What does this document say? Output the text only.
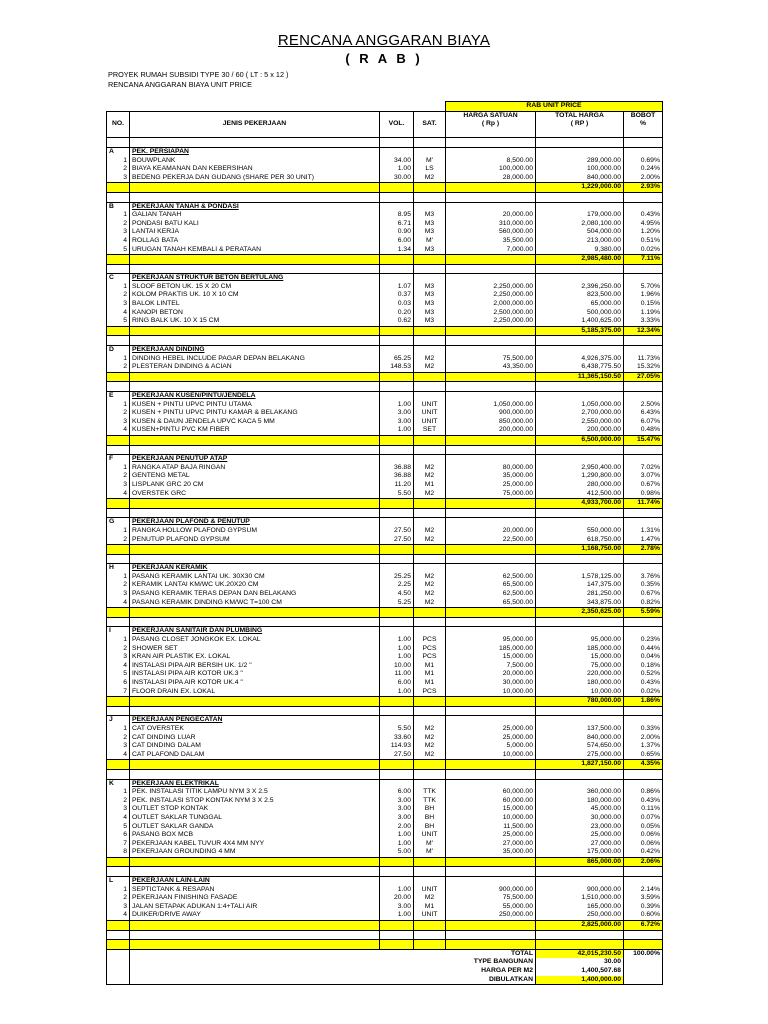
RENCANA ANGGARAN BIAYA
( R A B )
PROYEK RUMAH SUBSIDI TYPE 30 / 60 ( LT : 5 x 12 )
RENCANA ANGGARAN BIAYA UNIT PRICE
				RAB UNIT PRICE		
				HARGA SATUAN	TOTAL HARGA	BOBOT
NO.	JENIS PEKERJAAN	VOL.	SAT.	( Rp )	( RP )	%

A	PEK. PERSIAPAN					
1	BOUWPLANK	34.00	M'	8,500.00	289,000.00	0.69%
2	BIAYA KEAMANAN DAN KEBERSIHAN	1.00	LS	100,000.00	100,000.00	0.24%
3	BEDENG PEKERJA DAN GUDANG (SHARE PER 30 UNIT)	30.00	M2	28,000.00	840,000.00	2.00%
					1,229,000.00	2.93%

B	PEKERJAAN TANAH & PONDASI					
1	GALIAN TANAH	8.95	M3	20,000.00	179,000.00	0.43%
2	PONDASI BATU KALI	6.71	M3	310,000.00	2,080,100.00	4.95%
3	LANTAI KERJA	0.90	M3	560,000.00	504,000.00	1.20%
4	ROLLAG BATA	6.00	M'	35,500.00	213,000.00	0.51%
5	URUGAN TANAH KEMBALI & PERATAAN	1.34	M3	7,000.00	9,380.00	0.02%
					2,985,480.00	7.11%

C	PEKERJAAN STRUKTUR BETON BERTULANG					
1	SLOOF BETON UK. 15 X 20 CM	1.07	M3	2,250,000.00	2,396,250.00	5.70%
2	KOLOM PRAKTIS UK. 10 X 10 CM	0.37	M3	2,250,000.00	823,500.00	1.96%
3	BALOK LINTEL	0.03	M3	2,000,000.00	65,000.00	0.15%
4	KANOPI BETON	0.20	M3	2,500,000.00	500,000.00	1.19%
5	RING BALK UK. 10 X 15 CM	0.62	M3	2,250,000.00	1,400,625.00	3.33%
					5,185,375.00	12.34%

D	PEKERJAAN DINDING					
1	DINDING HEBEL INCLUDE PAGAR DEPAN BELAKANG	65.25	M2	75,500.00	4,926,375.00	11.73%
2	PLESTERAN DINDING & ACIAN	148.53	M2	43,350.00	6,438,775.50	15.32%
					11,365,150.50	27.05%

E	PEKERJAAN KUSEN/PINTU/JENDELA					
1	KUSEN + PINTU UPVC PINTU UTAMA	1.00	UNIT	1,050,000.00	1,050,000.00	2.50%
2	KUSEN + PINTU UPVC PINTU KAMAR & BELAKANG	3.00	UNIT	900,000.00	2,700,000.00	6.43%
3	KUSEN & DAUN JENDELA UPVC KACA 5 MM	3.00	UNIT	850,000.00	2,550,000.00	6.07%
4	KUSEN+PINTU PVC KM FIBER	1.00	SET	200,000.00	200,000.00	0.48%
					6,500,000.00	15.47%

F	PEKERJAAN PENUTUP ATAP					
1	RANGKA ATAP BAJA RINGAN	36.88	M2	80,000.00	2,950,400.00	7.02%
2	GENTENG METAL	36.88	M2	35,000.00	1,290,800.00	3.07%
3	LISPLANK GRC 20 CM	11.20	M1	25,000.00	280,000.00	0.67%
4	OVERSTEK GRC	5.50	M2	75,000.00	412,500.00	0.98%
					4,933,700.00	11.74%

G	PEKERJAAN PLAFOND & PENUTUP					
1	RANGKA HOLLOW PLAFOND GYPSUM	27.50	M2	20,000.00	550,000.00	1.31%
2	PENUTUP PLAFOND GYPSUM	27.50	M2	22,500.00	618,750.00	1.47%
					1,168,750.00	2.78%

H	PEKERJAAN KERAMIK					
1	PASANG KERAMIK LANTAI UK. 30X30 CM	25.25	M2	62,500.00	1,578,125.00	3.76%
2	KERAMIK LANTAI KM/WC UK.20X20 CM	2.25	M2	65,500.00	147,375.00	0.35%
3	PASANG KERAMIK TERAS DEPAN DAN BELAKANG	4.50	M2	62,500.00	281,250.00	0.67%
4	PASANG KERAMIK DINDING KM/WC T=100 CM	5.25	M2	65,500.00	343,875.00	0.82%
					2,350,625.00	5.59%

I	PEKERJAAN SANITAIR DAN PLUMBING					
1	PASANG CLOSET JONGKOK EX. LOKAL	1.00	PCS	95,000.00	95,000.00	0.23%
2	SHOWER SET	1.00	PCS	185,000.00	185,000.00	0.44%
3	KRAN AIR PLASTIK EX. LOKAL	1.00	PCS	15,000.00	15,000.00	0.04%
4	INSTALASI PIPA AIR BERSIH UK. 1/2 "	10.00	M1	7,500.00	75,000.00	0.18%
5	INSTALASI PIPA AIR KOTOR UK.3 "	11.00	M1	20,000.00	220,000.00	0.52%
6	INSTALASI PIPA AIR KOTOR UK.4 "	6.00	M1	30,000.00	180,000.00	0.43%
7	FLOOR DRAIN EX. LOKAL	1.00	PCS	10,000.00	10,000.00	0.02%
					780,000.00	1.86%

J	PEKERJAAN PENGECATAN					
1	CAT OVERSTEK	5.50	M2	25,000.00	137,500.00	0.33%
2	CAT DINDING LUAR	33.60	M2	25,000.00	840,000.00	2.00%
3	CAT DINDING DALAM	114.93	M2	5,000.00	574,650.00	1.37%
4	CAT PLAFOND DALAM	27.50	M2	10,000.00	275,000.00	0.65%
					1,827,150.00	4.35%

K	PEKERJAAN ELEKTRIKAL					
1	PEK. INSTALASI TITIK LAMPU NYM 3 X 2.5	6.00	TTK	60,000.00	360,000.00	0.86%
2	PEK. INSTALASI STOP KONTAK NYM 3 X 2.5	3.00	TTK	60,000.00	180,000.00	0.43%
3	OUTLET STOP KONTAK	3.00	BH	15,000.00	45,000.00	0.11%
4	OUTLET SAKLAR TUNGGAL	3.00	BH	10,000.00	30,000.00	0.07%
5	OUTLET SAKLAR GANDA	2.00	BH	11,500.00	23,000.00	0.05%
6	PASANG BOX MCB	1.00	UNIT	25,000.00	25,000.00	0.06%
7	PEKERJAAN KABEL TUVUR 4X4 MM NYY	1.00	M'	27,000.00	27,000.00	0.06%
8	PEKERJAAN GROUNDING 4 MM	5.00	M'	35,000.00	175,000.00	0.42%
					865,000.00	2.06%

L	PEKERJAAN LAIN-LAIN					
1	SEPTICTANK & RESAPAN	1.00	UNIT	900,000.00	900,000.00	2.14%
2	PEKERJAAN FINISHING FASADE	20.00	M2	75,500.00	1,510,000.00	3.59%
3	JALAN SETAPAK ADUKAN 1:4+TALI AIR	3.00	M1	55,000.00	165,000.00	0.39%
4	DUIKER/DRIVE AWAY	1.00	UNIT	250,000.00	250,000.00	0.60%
					2,825,000.00	6.72%

	TOTAL				42,015,230.50	100.00%
	TYPE BANGUNAN				30.00	
	HARGA PER M2				1,400,507.68	
	DIBULATKAN				1,400,000.00	
